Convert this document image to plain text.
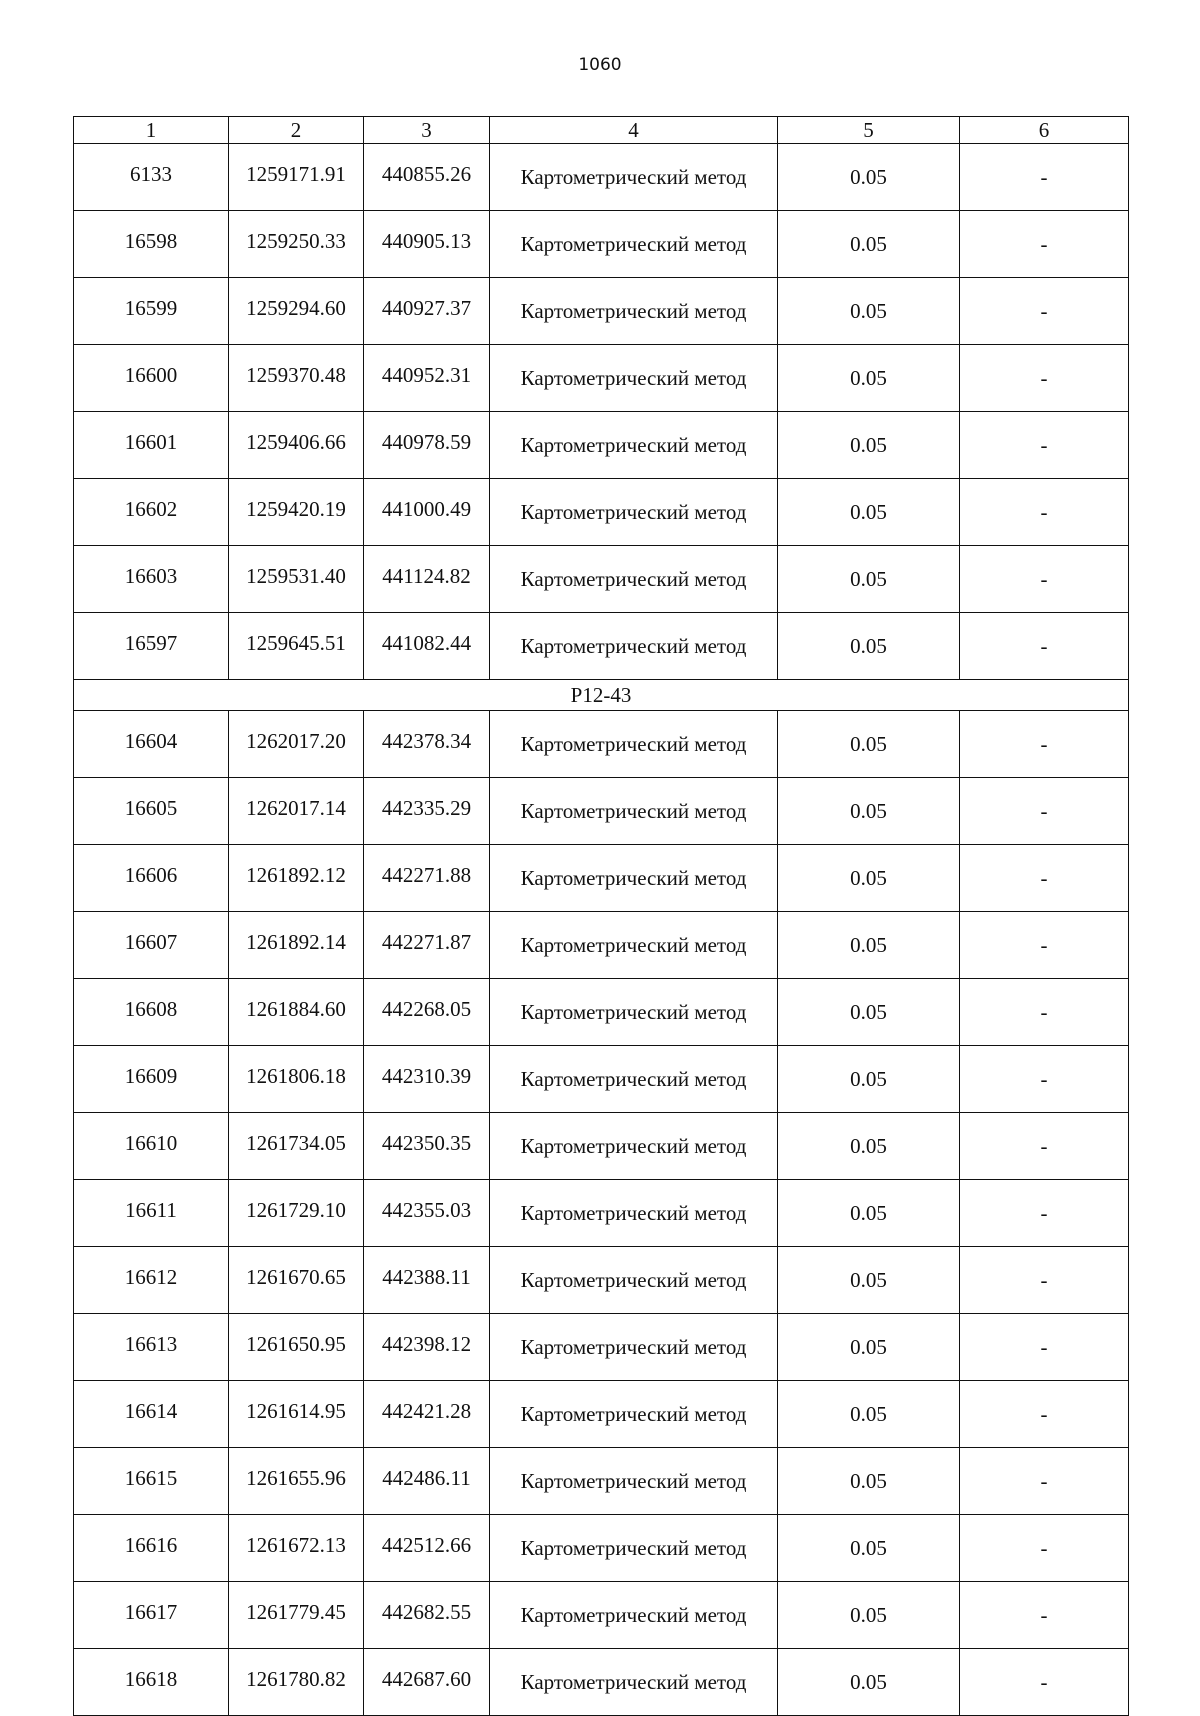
1060
1	2	3	4	5	6
6133	1259171.91	440855.26	Картометрический метод	0.05	-
16598	1259250.33	440905.13	Картометрический метод	0.05	-
16599	1259294.60	440927.37	Картометрический метод	0.05	-
16600	1259370.48	440952.31	Картометрический метод	0.05	-
16601	1259406.66	440978.59	Картометрический метод	0.05	-
16602	1259420.19	441000.49	Картометрический метод	0.05	-
16603	1259531.40	441124.82	Картометрический метод	0.05	-
16597	1259645.51	441082.44	Картометрический метод	0.05	-
Р12-43					
16604	1262017.20	442378.34	Картометрический метод	0.05	-
16605	1262017.14	442335.29	Картометрический метод	0.05	-
16606	1261892.12	442271.88	Картометрический метод	0.05	-
16607	1261892.14	442271.87	Картометрический метод	0.05	-
16608	1261884.60	442268.05	Картометрический метод	0.05	-
16609	1261806.18	442310.39	Картометрический метод	0.05	-
16610	1261734.05	442350.35	Картометрический метод	0.05	-
16611	1261729.10	442355.03	Картометрический метод	0.05	-
16612	1261670.65	442388.11	Картометрический метод	0.05	-
16613	1261650.95	442398.12	Картометрический метод	0.05	-
16614	1261614.95	442421.28	Картометрический метод	0.05	-
16615	1261655.96	442486.11	Картометрический метод	0.05	-
16616	1261672.13	442512.66	Картометрический метод	0.05	-
16617	1261779.45	442682.55	Картометрический метод	0.05	-
16618	1261780.82	442687.60	Картометрический метод	0.05	-
